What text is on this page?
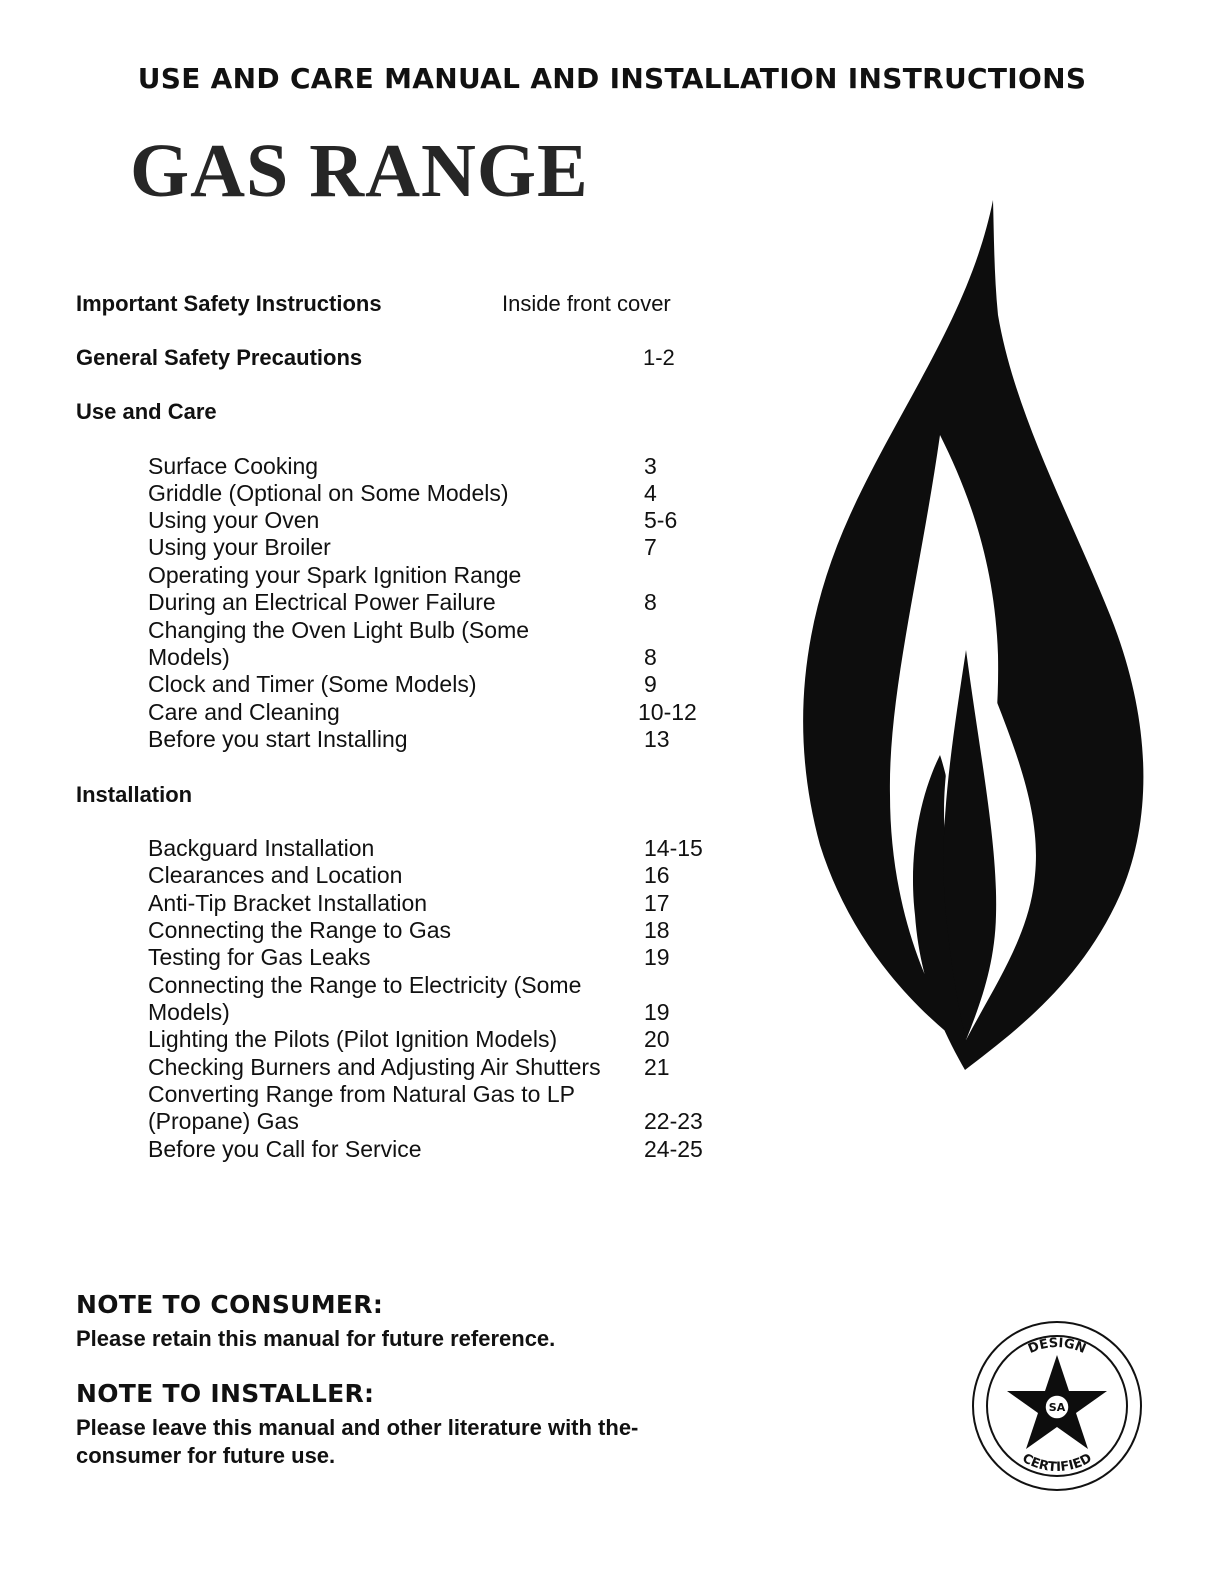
USE AND CARE MANUAL AND INSTALLATION INSTRUCTIONS
GAS RANGE
Important Safety Instructions	Inside front cover
General Safety Precautions	1-2
Use and Care
Surface Cooking	3
Griddle (Optional on Some Models)	4
Using your Oven	5-6
Using your Broiler	7
Operating your Spark Ignition Range
During an Electrical Power Failure	8
Changing the Oven Light Bulb (Some
Models)	8
Clock and Timer (Some Models)	9
Care and Cleaning	10-12
Before you start Installing	13
Installation
Backguard Installation	14-15
Clearances and Location	16
Anti-Tip Bracket Installation	17
Connecting the Range to Gas	18
Testing for Gas Leaks	19
Connecting the Range to Electricity (Some
Models)	19
Lighting the Pilots (Pilot Ignition Models)	20
Checking Burners and Adjusting Air Shutters 21
Converting Range from Natural Gas to LP
(Propane) Gas	22-23
Before you Call for Service	24-25

NOTE TO CONSUMER:

Please retain this manual for future reference.

NOTE TO INSTALLER:

Please leave this manual and other literature with the- consumer for future use.

DESIGN
CERTIFIED
SA
